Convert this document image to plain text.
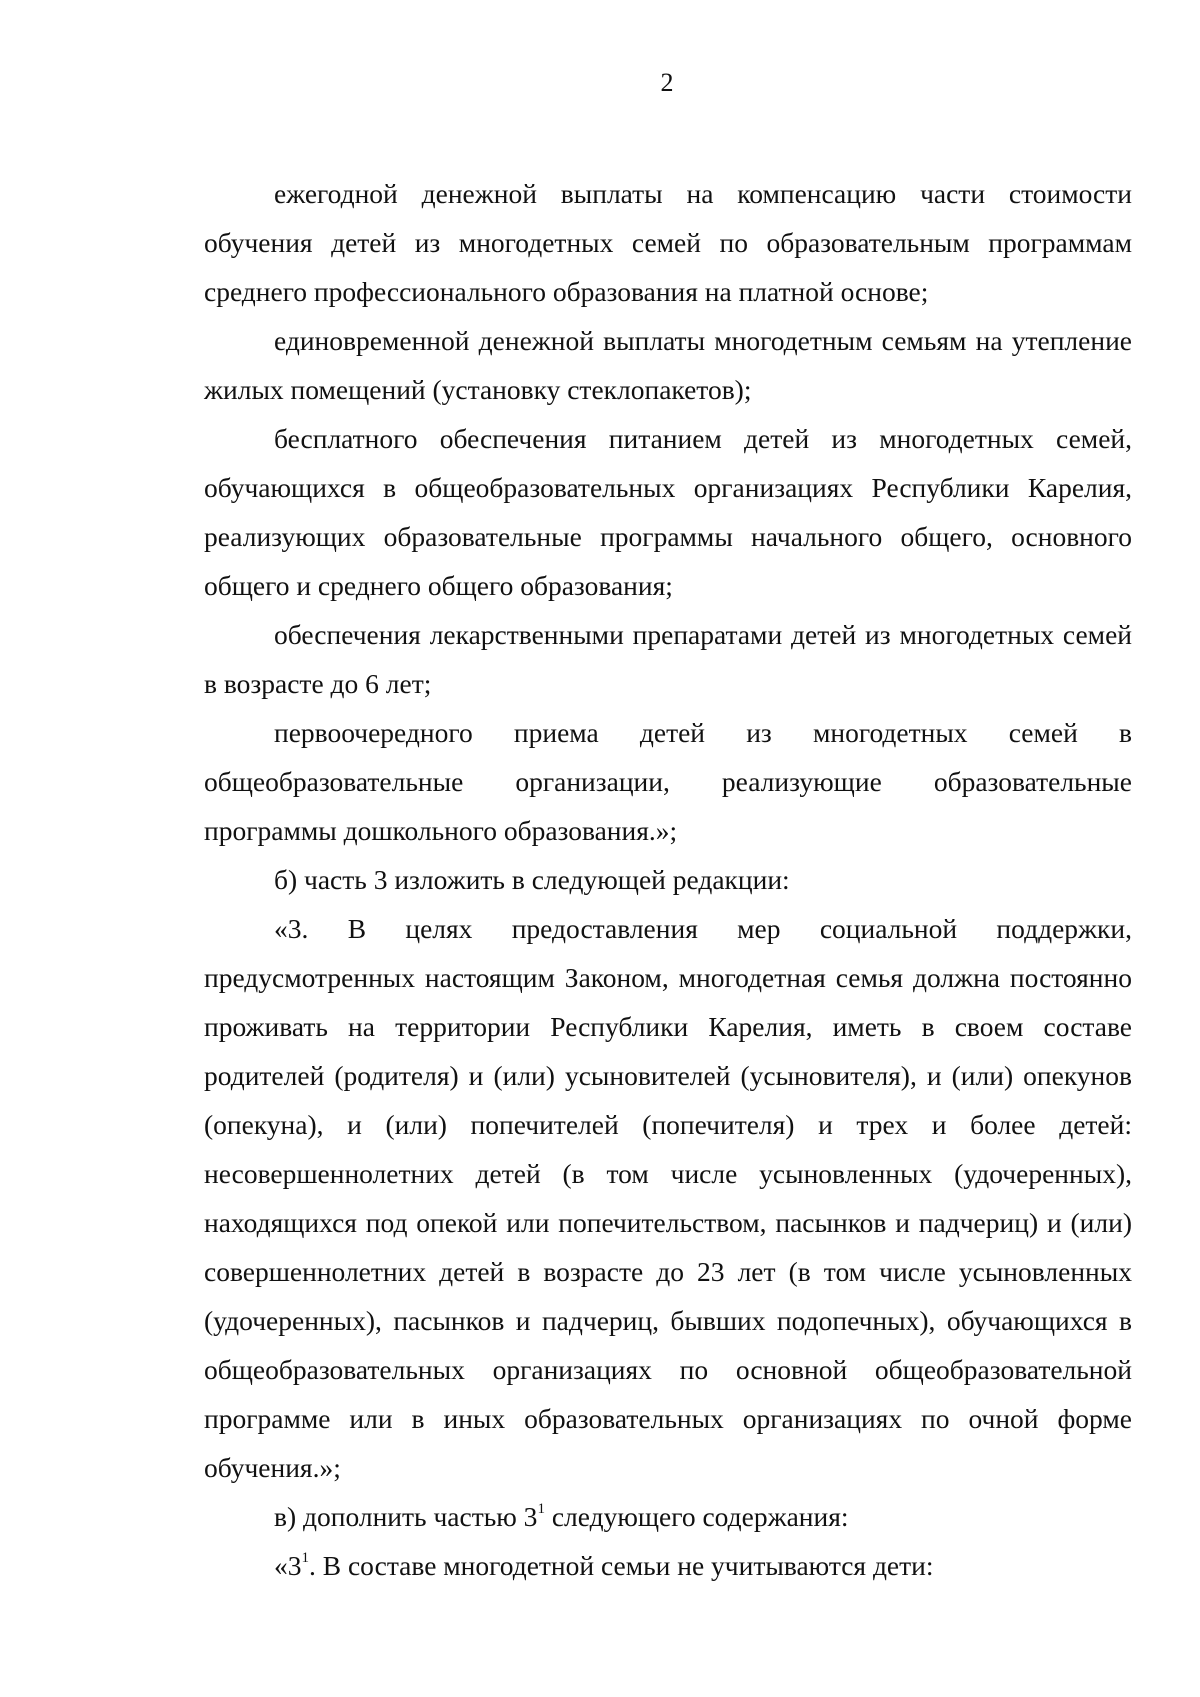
2

ежегодной денежной выплаты на компенсацию части стоимости обучения детей из многодетных семей по образовательным программам среднего профессионального образования на платной основе;

единовременной денежной выплаты многодетным семьям на утепление жилых помещений (установку стеклопакетов);

бесплатного обеспечения питанием детей из многодетных семей, обучающихся в общеобразовательных организациях Республики Карелия, реализующих образовательные программы начального общего, основного общего и среднего общего образования;

обеспечения лекарственными препаратами детей из многодетных семей в возрасте до 6 лет;

первоочередного приема детей из многодетных семей в общеобразовательные организации, реализующие образовательные программы дошкольного образования.»;

б) часть 3 изложить в следующей редакции:

«3. В целях предоставления мер социальной поддержки, предусмотренных настоящим Законом, многодетная семья должна постоянно проживать на территории Республики Карелия, иметь в своем составе родителей (родителя) и (или) усыновителей (усыновителя), и (или) опекунов (опекуна), и (или) попечителей (попечителя) и трех и более детей: несовершеннолетних детей (в том числе усыновленных (удочеренных), находящихся под опекой или попечительством, пасынков и падчериц) и (или) совершеннолетних детей в возрасте до 23 лет (в том числе усыновленных (удочеренных), пасынков и падчериц, бывших подопечных), обучающихся в общеобразовательных организациях по основной общеобразовательной программе или в иных образовательных организациях по очной форме обучения.»;

в) дополнить частью $3^1$ следующего содержания:

«$3^1$. В составе многодетной семьи не учитываются дети:
